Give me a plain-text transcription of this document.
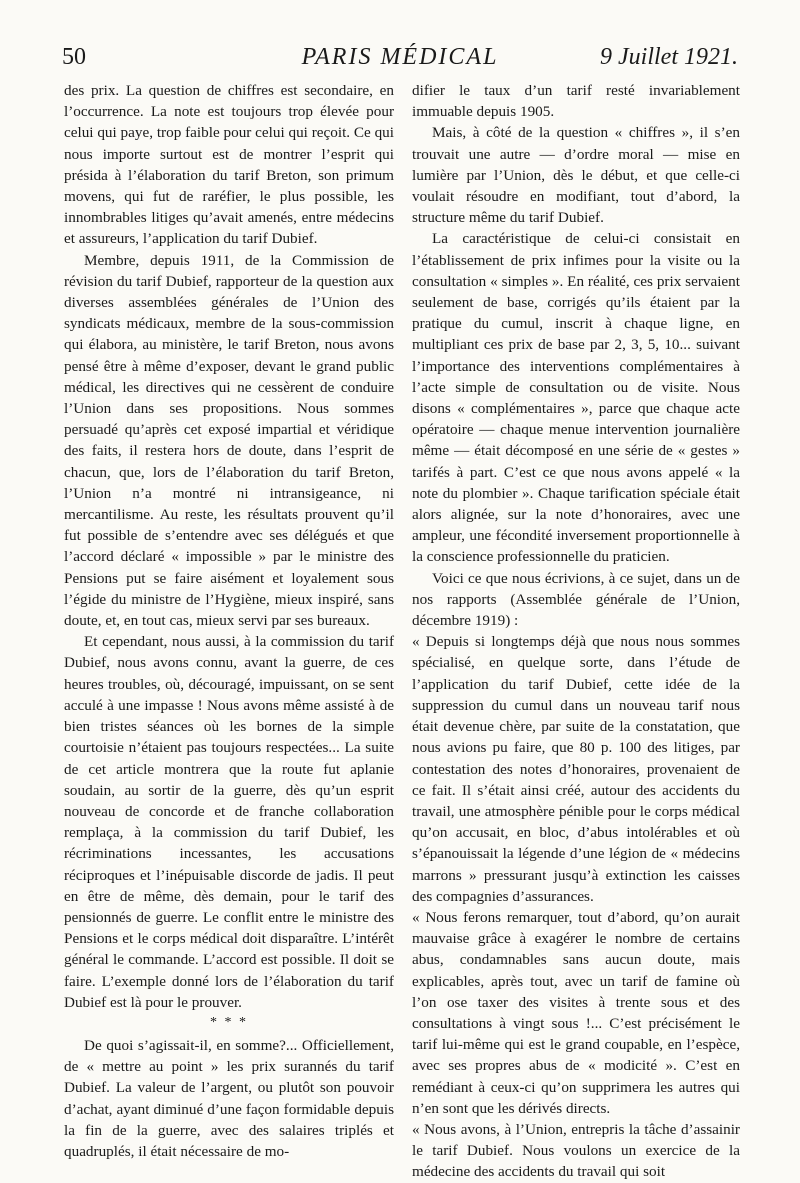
50	PARIS MÉDICAL	9 Juillet 1921.

des prix. La question de chiffres est secondaire, en l’occurrence. La note est toujours trop élevée pour celui qui paye, trop faible pour celui qui reçoit. Ce qui nous importe surtout est de montrer l’esprit qui présida à l’élaboration du tarif Breton, son primum movens, qui fut de raréfier, le plus possible, les innombrables litiges qu’avait amenés, entre médecins et assureurs, l’application du tarif Dubief.

Membre, depuis 1911, de la Commission de révision du tarif Dubief, rapporteur de la question aux diverses assemblées générales de l’Union des syndicats médicaux, membre de la sous-commission qui élabora, au ministère, le tarif Breton, nous avons pensé être à même d’exposer, devant le grand public médical, les directives qui ne cessèrent de conduire l’Union dans ses propositions. Nous sommes persuadé qu’après cet exposé impartial et véridique des faits, il restera hors de doute, dans l’esprit de chacun, que, lors de l’élaboration du tarif Breton, l’Union n’a montré ni intransigeance, ni mercantilisme. Au reste, les résultats prouvent qu’il fut possible de s’entendre avec ses délégués et que l’accord déclaré « impossible » par le ministre des Pensions put se faire aisément et loyalement sous l’égide du ministre de l’Hygiène, mieux inspiré, sans doute, et, en tout cas, mieux servi par ses bureaux.

Et cependant, nous aussi, à la commission du tarif Dubief, nous avons connu, avant la guerre, de ces heures troubles, où, découragé, impuissant, on se sent acculé à une impasse ! Nous avons même assisté à de bien tristes séances où les bornes de la simple courtoisie n’étaient pas toujours respectées... La suite de cet article montrera que la route fut aplanie soudain, au sortir de la guerre, dès qu’un esprit nouveau de concorde et de franche collaboration remplaça, à la commission du tarif Dubief, les récriminations incessantes, les accusations réciproques et l’inépuisable discorde de jadis. Il peut en être de même, dès demain, pour le tarif des pensionnés de guerre. Le conflit entre le ministre des Pensions et le corps médical doit disparaître. L’intérêt général le commande. L’accord est possible. Il doit se faire. L’exemple donné lors de l’élaboration du tarif Dubief est là pour le prouver.

* * *

De quoi s’agissait-il, en somme?... Officiellement, de « mettre au point » les prix surannés du tarif Dubief. La valeur de l’argent, ou plutôt son pouvoir d’achat, ayant diminué d’une façon formidable depuis la fin de la guerre, avec des salaires triplés et quadruplés, il était nécessaire de mo-

difier le taux d’un tarif resté invariablement immuable depuis 1905.

Mais, à côté de la question « chiffres », il s’en trouvait une autre — d’ordre moral — mise en lumière par l’Union, dès le début, et que celle-ci voulait résoudre en modifiant, tout d’abord, la structure même du tarif Dubief.

La caractéristique de celui-ci consistait en l’établissement de prix infimes pour la visite ou la consultation « simples ». En réalité, ces prix servaient seulement de base, corrigés qu’ils étaient par la pratique du cumul, inscrit à chaque ligne, en multipliant ces prix de base par 2, 3, 5, 10... suivant l’importance des interventions complémentaires à l’acte simple de consultation ou de visite. Nous disons « complémentaires », parce que chaque acte opératoire — chaque menue intervention journalière même — était décomposé en une série de « gestes » tarifés à part. C’est ce que nous avons appelé « la note du plombier ». Chaque tarification spéciale était alors alignée, sur la note d’honoraires, avec une ampleur, une fécondité inversement proportionnelle à la conscience professionnelle du praticien.

Voici ce que nous écrivions, à ce sujet, dans un de nos rapports (Assemblée générale de l’Union, décembre 1919) :

« Depuis si longtemps déjà que nous nous sommes spécialisé, en quelque sorte, dans l’étude de l’application du tarif Dubief, cette idée de la suppression du cumul dans un nouveau tarif nous était devenue chère, par suite de la constatation, que nous avions pu faire, que 80 p. 100 des litiges, par contestation des notes d’honoraires, provenaient de ce fait. Il s’était ainsi créé, autour des accidents du travail, une atmosphère pénible pour le corps médical qu’on accusait, en bloc, d’abus intolérables et où s’épanouissait la légende d’une légion de « médecins marrons » pressurant jusqu’à extinction les caisses des compagnies d’assurances.

« Nous ferons remarquer, tout d’abord, qu’on aurait mauvaise grâce à exagérer le nombre de certains abus, condamnables sans aucun doute, mais explicables, après tout, avec un tarif de famine où l’on ose taxer des visites à trente sous et des consultations à vingt sous !... C’est précisément le tarif lui-même qui est le grand coupable, en l’espèce, avec ses propres abus de « modicité ». C’est en remédiant à ceux-ci qu’on supprimera les autres qui n’en sont que les dérivés directs.

« Nous avons, à l’Union, entrepris la tâche d’assainir le tarif Dubief. Nous voulons un exercice de la médecine des accidents du travail qui soit
